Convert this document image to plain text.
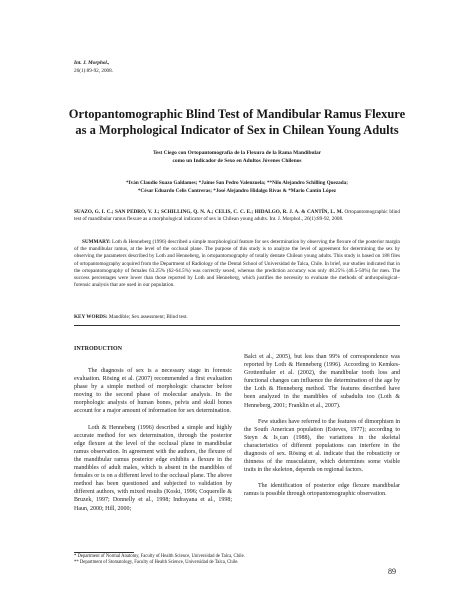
Int. J. Morphol.,
26(1):89-92, 2008.
Ortopantomographic Blind Test of Mandibular Ramus Flexure
as a Morphological Indicator of Sex in Chilean Young Adults
Test Ciego con Ortopantomografía de la Flexura de la Rama Mandibular
como un Indicador de Sexo en Adultos Jóvenes Chilenos
*Iván Claudio Suazo Galdames; *Jaime San Pedro Valenzuela; **Nilo Alejandro Schilling Quezada;
*César Eduardo Celis Contreras; *José Alejandro Hidalgo Rivas & *Mario Cantín López
SUAZO, G. I. C.; SAN PEDRO, V. J.; SCHILLING, Q. N. A.; CELIS, C. C. E.; HIDALGO, R. J. A. & CANTÍN, L. M. Ortopantomographic blind test of mandibular ramus flexure as a morphological indicator of sex in Chilean young adults. Int. J. Morphol., 26(1):89-92, 2008.
SUMMARY: Loth & Henneberg (1996) described a simple morphological feature for sex determination by observing the flexure of the posterior margin of the mandibular ramus, at the level of the occlusal plane. The purpose of this study is to analyze the level of agreement for determining the sex by observing the parameters described by Loth and Henneberg, in ortopantomography of totally dentate Chilean young adults. This study is based on 188 files of ortopantomography acquired from the Department of Radiology of the Dental School of Universidad de Talca, Chile. In brief, our studies indicated that in the ortopantomography of females 63.25% (62-64.5%) was correctly sexed, whereas the prediction accuracy was only 48.25% (46.5-50%) for men. The success percentages were lower than those reported by Loth and Henneberg, which justifies the necessity to evaluate the methods of anthropological–forensic analysis that are used in our population.
KEY WORDS: Mandible; Sex assessment; Blind test.
INTRODUCTION

The diagnosis of sex is a necessary stage in forensic evaluation. Rösing et al. (2007) recommended a first evaluation phase by a simple method of morphologic character before moving to the second phase of molecular analysis. In the morphologic analysis of human bones, pelvis and skull bones account for a major amount of information for sex determination.

Loth & Henneberg (1996) described a simple and highly accurate method for sex determination, through the posterior edge flexure at the level of the occlusal plane in mandibular ramus observation. In agreement with the authors, the flexure of the mandibular ramus posterior edge exhibits a flexure in the mandibles of adult males, which is absent in the mandibles of females or is on a different level to the occlusal plane. The above method has been questioned and subjected to validation by different authors, with mixed results (Koski, 1996; Coquerelle & Bruzek, 1997; Donnelly et al., 1998; Indrayana et al., 1998; Haun, 2000; Hill, 2000;

Balci et al., 2005), but less than 99% of correspondence was reported by Loth & Henneberg (1996). According to Kemkes-Grottenthaler et al. (2002), the mandibular tooth loss and functional changes can influence the determination of the age by the Loth & Henneberg method. The features described have been analyzed in the mandibles of subadults too (Loth & Henneberg, 2001; Franklin et al., 2007).

Few studies have referred to the features of dimorphism in the South American population (Esteves, 1977); according to Steyn & Is¸can (1988), the variations in the skeletal characteristics of different populations can interfere in the diagnosis of sex. Rösing et al. indicate that the robusticity or thinness of the musculature, which determines some visible traits in the skeleton, depends on regional factors.

The identification of posterior edge flexure mandibular ramus is possible through ortopantomographic observation.

* Department of Normal Anatomy, Faculty of Health Science, Universidad de Talca, Chile.
** Department of Stomatology, Faculty of Health Science, Universidad de Talca, Chile.
89
